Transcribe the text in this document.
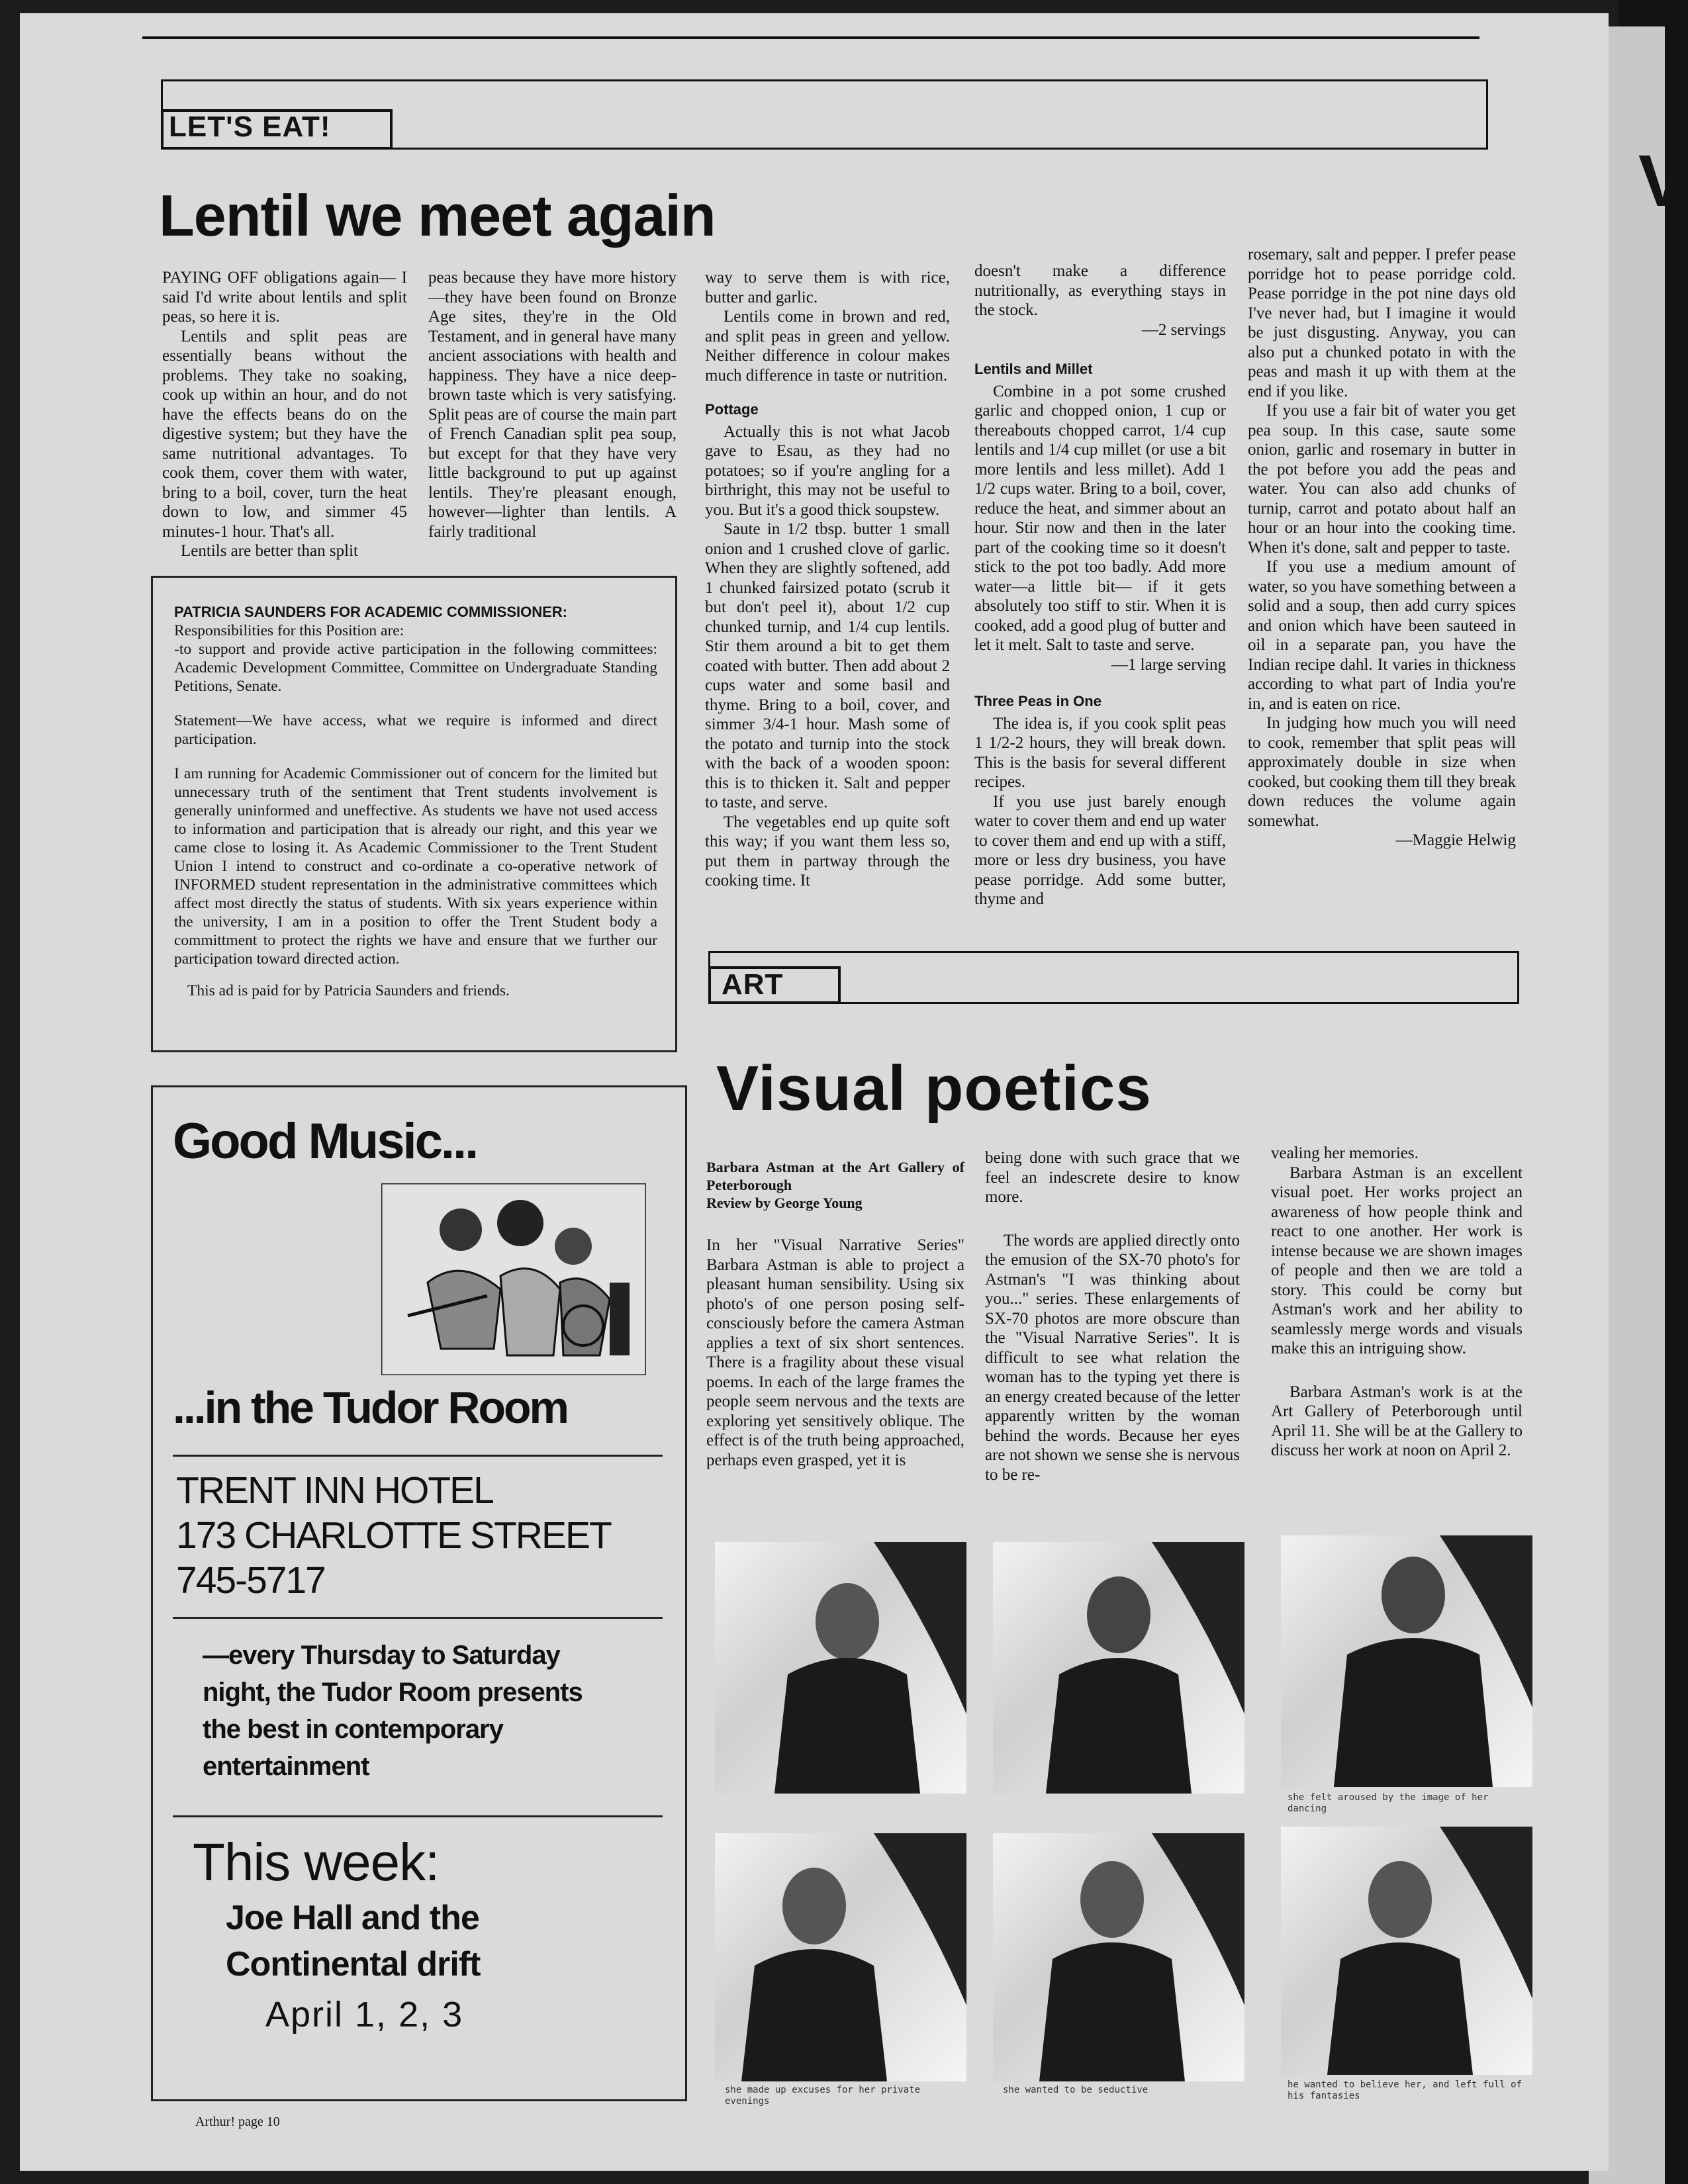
V
LET'S EAT!
Lentil we meet again

PAYING OFF obligations again— I said I'd write about lentils and split peas, so here it is.

Lentils and split peas are essentially beans without the problems. They take no soaking, cook up within an hour, and do not have the effects beans do on the digestive system; but they have the same nutritional advantages. To cook them, cover them with water, bring to a boil, cover, turn the heat down to low, and simmer 45 minutes-1 hour. That's all.

Lentils are better than split

peas because they have more history—they have been found on Bronze Age sites, they're in the Old Testament, and in general have many ancient associations with health and happiness. They have a nice deep-brown taste which is very satisfying. Split peas are of course the main part of French Canadian split pea soup, but except for that they have very little background to put up against lentils. They're pleasant enough, however—lighter than lentils. A fairly traditional

way to serve them is with rice, butter and garlic.

Lentils come in brown and red, and split peas in green and yellow. Neither difference in colour makes much difference in taste or nutrition.

Pottage

Actually this is not what Jacob gave to Esau, as they had no potatoes; so if you're angling for a birthright, this may not be useful to you. But it's a good thick soupstew.

Saute in 1/2 tbsp. butter 1 small onion and 1 crushed clove of garlic. When they are slightly softened, add 1 chunked fairsized potato (scrub it but don't peel it), about 1/2 cup chunked turnip, and 1/4 cup lentils. Stir them around a bit to get them coated with butter. Then add about 2 cups water and some basil and thyme. Bring to a boil, cover, and simmer 3/4-1 hour. Mash some of the potato and turnip into the stock with the back of a wooden spoon: this is to thicken it. Salt and pepper to taste, and serve.

The vegetables end up quite soft this way; if you want them less so, put them in partway through the cooking time. It

doesn't make a difference nutritionally, as everything stays in the stock.

—2 servings

Lentils and Millet

Combine in a pot some crushed garlic and chopped onion, 1 cup or thereabouts chopped carrot, 1/4 cup lentils and 1/4 cup millet (or use a bit more lentils and less millet). Add 1 1/2 cups water. Bring to a boil, cover, reduce the heat, and simmer about an hour. Stir now and then in the later part of the cooking time so it doesn't stick to the pot too badly. Add more water—a little bit— if it gets absolutely too stiff to stir. When it is cooked, add a good plug of butter and let it melt. Salt to taste and serve.

—1 large serving

Three Peas in One

The idea is, if you cook split peas 1 1/2-2 hours, they will break down. This is the basis for several different recipes.

If you use just barely enough water to cover them and end up water to cover them and end up with a stiff, more or less dry business, you have pease porridge. Add some butter, thyme and

rosemary, salt and pepper. I prefer pease porridge hot to pease porridge cold. Pease porridge in the pot nine days old I've never had, but I imagine it would be just disgusting. Anyway, you can also put a chunked potato in with the peas and mash it up with them at the end if you like.

If you use a fair bit of water you get pea soup. In this case, saute some onion, garlic and rosemary in butter in the pot before you add the peas and water. You can also add chunks of turnip, carrot and potato about half an hour or an hour into the cooking time. When it's done, salt and pepper to taste.

If you use a medium amount of water, so you have something between a solid and a soup, then add curry spices and onion which have been sauteed in oil in a separate pan, you have the Indian recipe dahl. It varies in thickness according to what part of India you're in, and is eaten on rice.

In judging how much you will need to cook, remember that split peas will approximately double in size when cooked, but cooking them till they break down reduces the volume again somewhat.

—Maggie Helwig

PATRICIA SAUNDERS FOR ACADEMIC COMMISSIONER:
Responsibilities for this Position are:

-to support and provide active participation in the following committees: Academic Development Committee, Committee on Undergraduate Standing Petitions, Senate.

Statement—We have access, what we require is informed and direct participation.

I am running for Academic Commissioner out of concern for the limited but unnecessary truth of the sentiment that Trent students involvement is generally uninformed and uneffective. As students we have not used access to information and participation that is already our right, and this year we came close to losing it. As Academic Commissioner to the Trent Student Union I intend to construct and co-ordinate a co-operative network of INFORMED student representation in the administrative committees which affect most directly the status of students. With six years experience within the university, I am in a position to offer the Trent Student body a committment to protect the rights we have and ensure that we further our participation toward directed action.

This ad is paid for by Patricia Saunders and friends.
Good Music...
...in the Tudor Room
TRENT INN HOTEL
173 CHARLOTTE STREET
745-5717
—every Thursday to Saturday night, the Tudor Room presents the best in contemporary entertainment
This week:
Joe Hall and the Continental drift
April 1, 2, 3
ART
Visual poetics
Barbara Astman at the Art Gallery of Peterborough
Review by George Young

In her "Visual Narrative Series" Barbara Astman is able to project a pleasant human sensibility. Using six photo's of one person posing self-consciously before the camera Astman applies a text of six short sentences. There is a fragility about these visual poems. In each of the large frames the people seem nervous and the texts are exploring yet sensitively oblique. The effect is of the truth being approached, perhaps even grasped, yet it is

being done with such grace that we feel an indescrete desire to know more.

The words are applied directly onto the emusion of the SX-70 photo's for Astman's "I was thinking about you..." series. These enlargements of SX-70 photos are more obscure than the "Visual Narrative Series". It is difficult to see what relation the woman has to the typing yet there is an energy created because of the letter apparently written by the woman behind the words. Because her eyes are not shown we sense she is nervous to be re-

vealing her memories.

Barbara Astman is an excellent visual poet. Her works project an awareness of how people think and react to one another. Her work is intense because we are shown images of people and then we are told a story. This could be corny but Astman's work and her ability to seamlessly merge words and visuals make this an intriguing show.

Barbara Astman's work is at the Art Gallery of Peterborough until April 11. She will be at the Gallery to discuss her work at noon on April 2.

she felt aroused by the image of her dancing
she made up excuses for her private evenings
she wanted to be seductive	he wanted to believe her, and left full of his fantasies
Arthur! page 10
